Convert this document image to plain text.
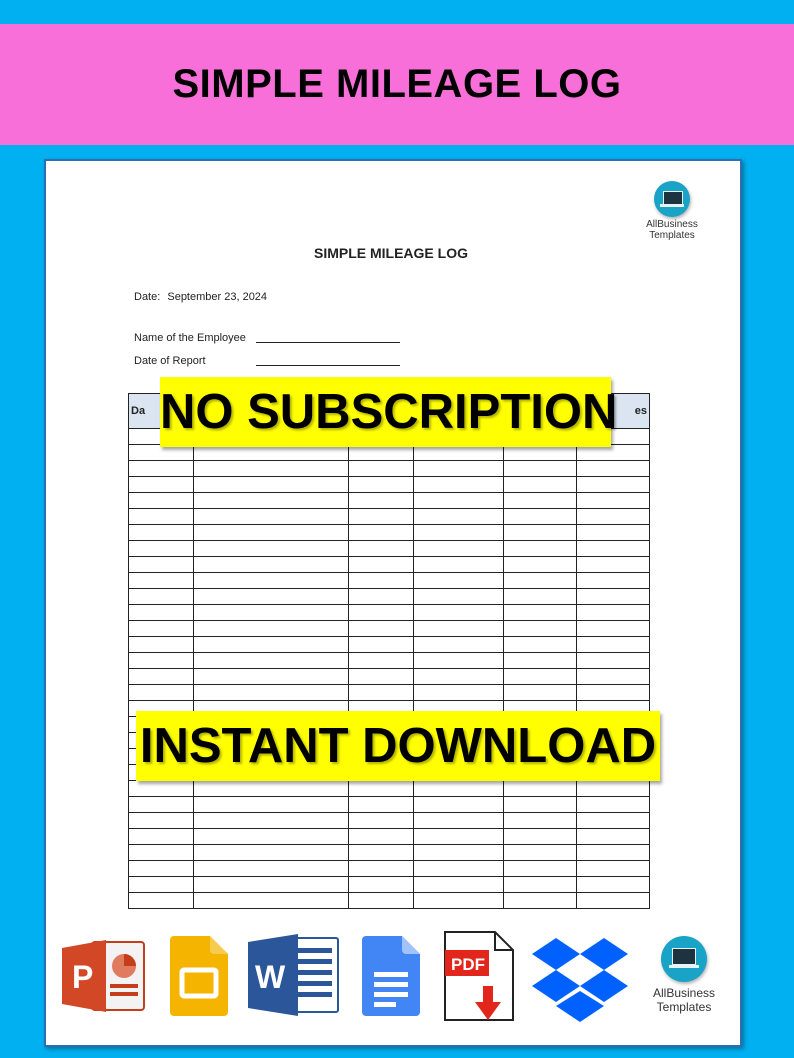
SIMPLE MILEAGE LOG
AllBusiness
Templates
SIMPLE MILEAGE LOG
Date: September 23, 2024
Name of the Employee
Date of Report
Da					es

NO SUBSCRIPTION
INSTANT DOWNLOAD
P	W	PDF
AllBusiness
Templates
